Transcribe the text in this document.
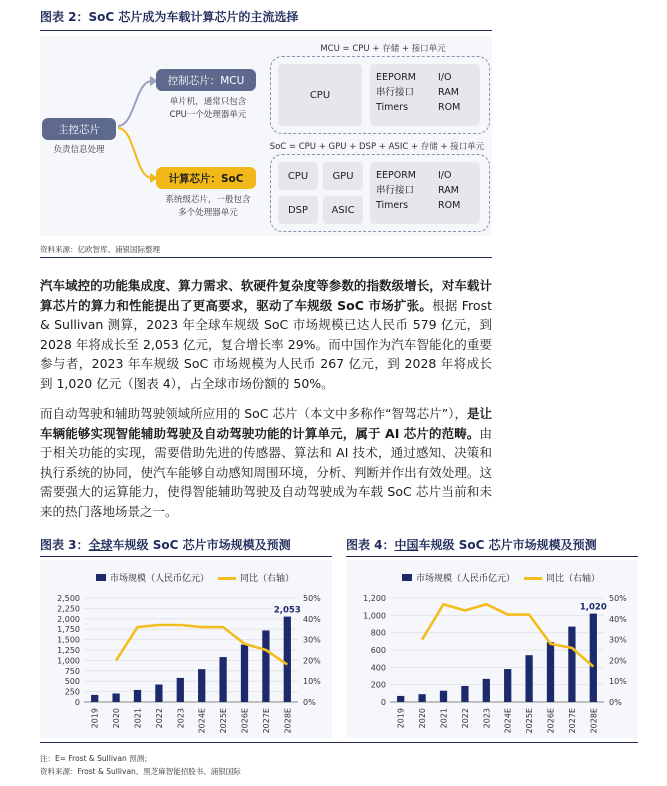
图表 2：SoC 芯片成为车载计算芯片的主流选择
主控芯片
负责信息处理
控制芯片：MCU
单片机，通常只包含
CPU一个处理器单元
计算芯片：SoC
系统级芯片，一般包含
多个处理器单元
MCU = CPU + 存储 + 接口单元
CPU
EEPORM
串行接口
Timers
I/O
RAM
ROM
SoC = CPU + GPU + DSP + ASIC + 存储 + 接口单元
CPU GPU
DSP ASIC
EEPORM
串行接口
Timers
I/O
RAM
ROM
资料来源：亿欧智库、浦银国际整理

汽车域控的功能集成度、算力需求、软硬件复杂度等参数的指数级增长，对车载计算芯片的算力和性能提出了更高要求，驱动了车规级 SoC 市场扩张。根据 Frost & Sullivan 测算，2023 年全球车规级 SoC 市场规模已达人民币 579 亿元，到 2028 年将成长至 2,053 亿元，复合增长率 29%。而中国作为汽车智能化的重要参与者，2023 年车规级 SoC 市场规模为人民币 267 亿元，到 2028 年将成长到 1,020 亿元（图表 4），占全球市场份额的 50%。

而自动驾驶和辅助驾驶领域所应用的 SoC 芯片（本文中多称作“智驾芯片”），是让车辆能够实现智能辅助驾驶及自动驾驶功能的计算单元，属于 AI 芯片的范畴。由于相关功能的实现，需要借助先进的传感器、算法和 AI 技术，通过感知、决策和执行系统的协同，使汽车能够自动感知周围环境，分析、判断并作出有效处理。这需要强大的运算能力，使得智能辅助驾驶及自动驾驶成为车载 SoC 芯片当前和未来的热门落地场景之一。

图表 3：全球车规级 SoC 芯片市场规模及预测
市场规模（人民币亿元）	同比（右轴）
0
250
500
750
1,000
1,250
1,500
1,750
2,000
2,250
2,500
0%
10%
20%
30%
40%
50%
2019 2020 2021 2022 2023 2024E 2025E 2026E 2027E 2028E
2,053
图表 4：中国车规级 SoC 芯片市场规模及预测
市场规模（人民币亿元）	同比（右轴）
0
200
400
600
800
1,000
1,200
0%
10%
20%
30%
40%
50%
2019 2020 2021 2022 2023 2024E 2025E 2026E 2027E 2028E
1,020
注：E= Frost & Sullivan 预测；
资料来源：Frost & Sullivan、黑芝麻智能招股书、浦银国际
